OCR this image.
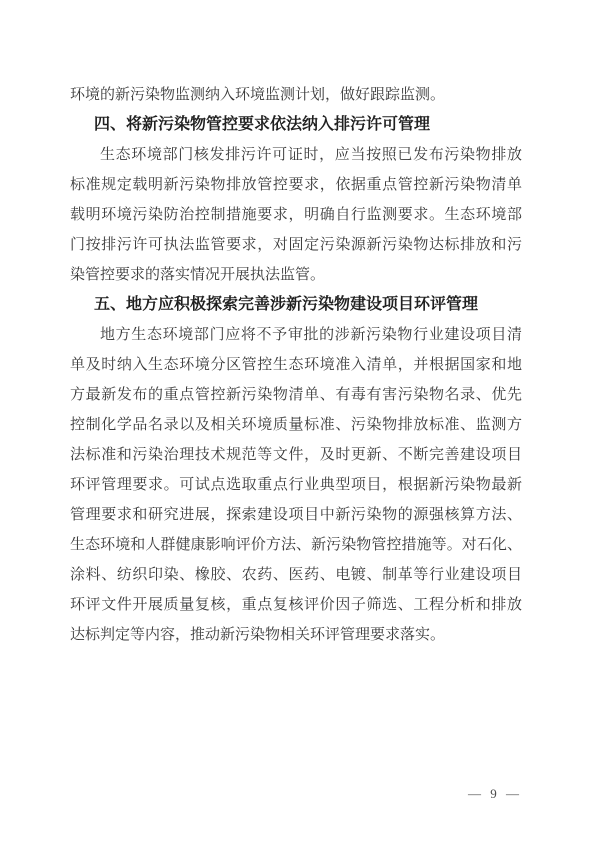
环境的新污染物监测纳入环境监测计划，做好跟踪监测。
四、将新污染物管控要求依法纳入排污许可管理
生态环境部门核发排污许可证时，应当按照已发布污染物排放
标准规定载明新污染物排放管控要求，依据重点管控新污染物清单
载明环境污染防治控制措施要求，明确自行监测要求。生态环境部
门按排污许可执法监管要求，对固定污染源新污染物达标排放和污
染管控要求的落实情况开展执法监管。
五、地方应积极探索完善涉新污染物建设项目环评管理
地方生态环境部门应将不予审批的涉新污染物行业建设项目清
单及时纳入生态环境分区管控生态环境准入清单，并根据国家和地
方最新发布的重点管控新污染物清单、有毒有害污染物名录、优先
控制化学品名录以及相关环境质量标准、污染物排放标准、监测方
法标准和污染治理技术规范等文件，及时更新、不断完善建设项目
环评管理要求。可试点选取重点行业典型项目，根据新污染物最新
管理要求和研究进展，探索建设项目中新污染物的源强核算方法、
生态环境和人群健康影响评价方法、新污染物管控措施等。对石化、
涂料、纺织印染、橡胶、农药、医药、电镀、制革等行业建设项目
环评文件开展质量复核，重点复核评价因子筛选、工程分析和排放
达标判定等内容，推动新污染物相关环评管理要求落实。
— 9 —
